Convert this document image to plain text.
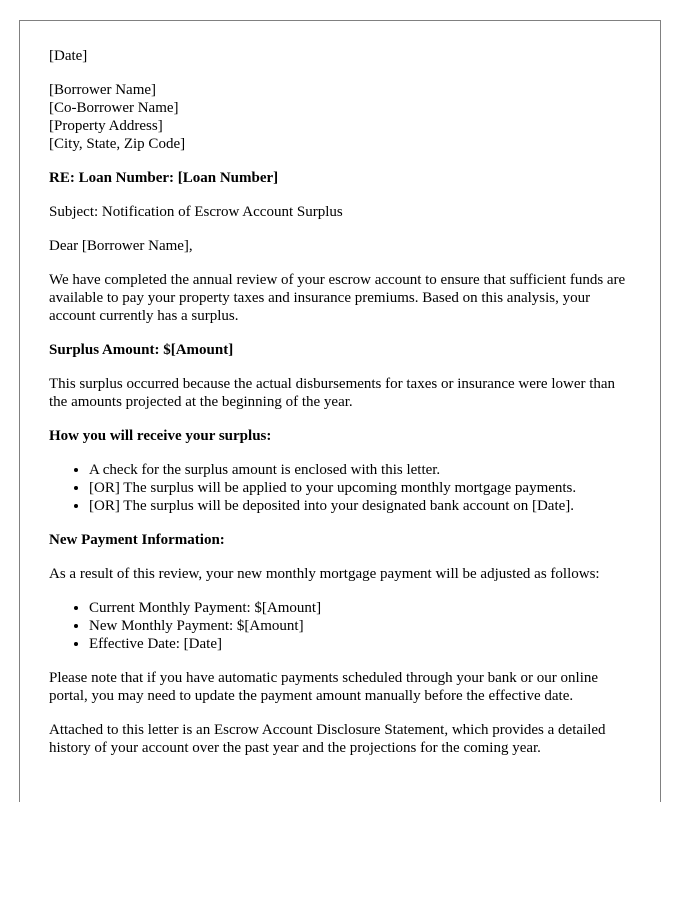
[Date]

[Borrower Name]
[Co-Borrower Name]
[Property Address]
[City, State, Zip Code]

RE: Loan Number: [Loan Number]

Subject: Notification of Escrow Account Surplus

Dear [Borrower Name],

We have completed the annual review of your escrow account to ensure that sufficient funds are available to pay your property taxes and insurance premiums. Based on this analysis, your account currently has a surplus.

Surplus Amount: $[Amount]

This surplus occurred because the actual disbursements for taxes or insurance were lower than the amounts projected at the beginning of the year.

How you will receive your surplus:

• A check for the surplus amount is enclosed with this letter.
• [OR] The surplus will be applied to your upcoming monthly mortgage payments.
• [OR] The surplus will be deposited into your designated bank account on [Date].

New Payment Information:

As a result of this review, your new monthly mortgage payment will be adjusted as follows:

• Current Monthly Payment: $[Amount]
• New Monthly Payment: $[Amount]
• Effective Date: [Date]

Please note that if you have automatic payments scheduled through your bank or our online portal, you may need to update the payment amount manually before the effective date.

Attached to this letter is an Escrow Account Disclosure Statement, which provides a detailed history of your account over the past year and the projections for the coming year.
